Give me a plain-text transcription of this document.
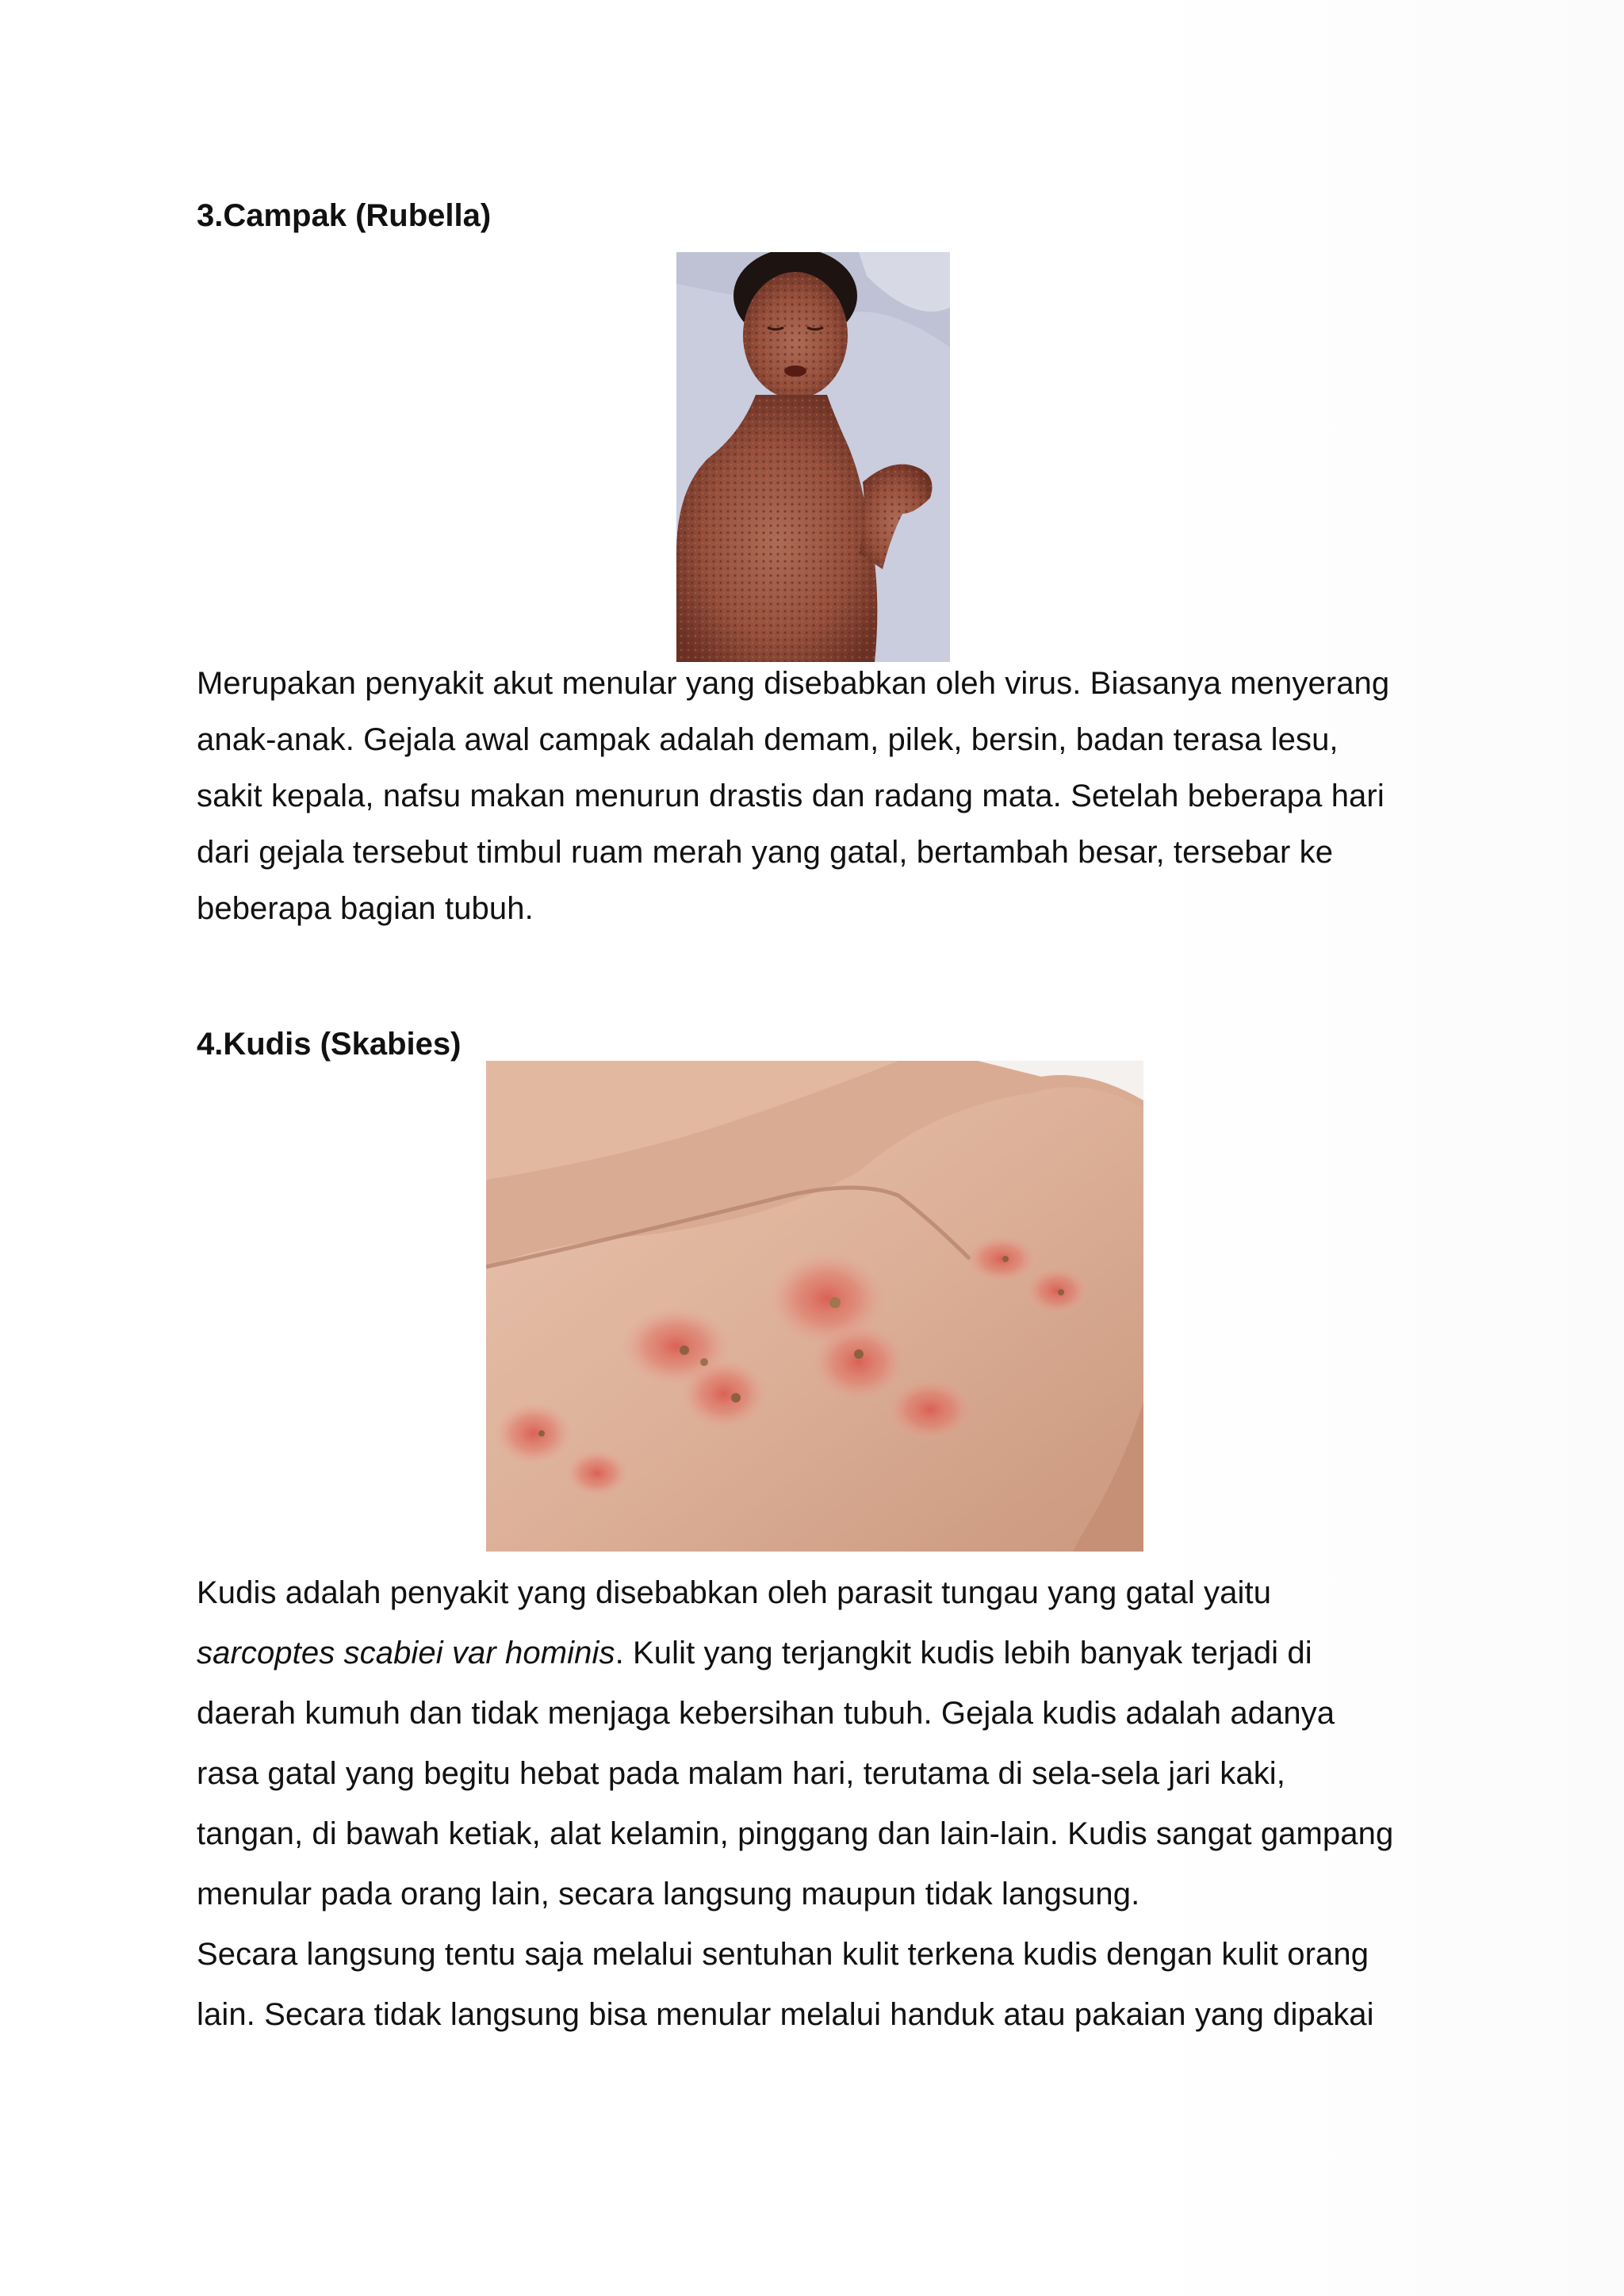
3.Campak (Rubella)

Merupakan penyakit akut menular yang disebabkan oleh virus. Biasanya menyerang
anak-anak. Gejala awal campak adalah demam, pilek, bersin, badan terasa lesu,
sakit kepala, nafsu makan menurun drastis dan radang mata. Setelah beberapa hari
dari gejala tersebut timbul ruam merah yang gatal, bertambah besar, tersebar ke
beberapa bagian tubuh.

4.Kudis (Skabies)

Kudis adalah penyakit yang disebabkan oleh parasit tungau yang gatal yaitu
sarcoptes scabiei var hominis. Kulit yang terjangkit kudis lebih banyak terjadi di
daerah kumuh dan tidak menjaga kebersihan tubuh. Gejala kudis adalah adanya
rasa gatal yang begitu hebat pada malam hari, terutama di sela-sela jari kaki,
tangan, di bawah ketiak, alat kelamin, pinggang dan lain-lain. Kudis sangat gampang
menular pada orang lain, secara langsung maupun tidak langsung.
Secara langsung tentu saja melalui sentuhan kulit terkena kudis dengan kulit orang
lain. Secara tidak langsung bisa menular melalui handuk atau pakaian yang dipakai
